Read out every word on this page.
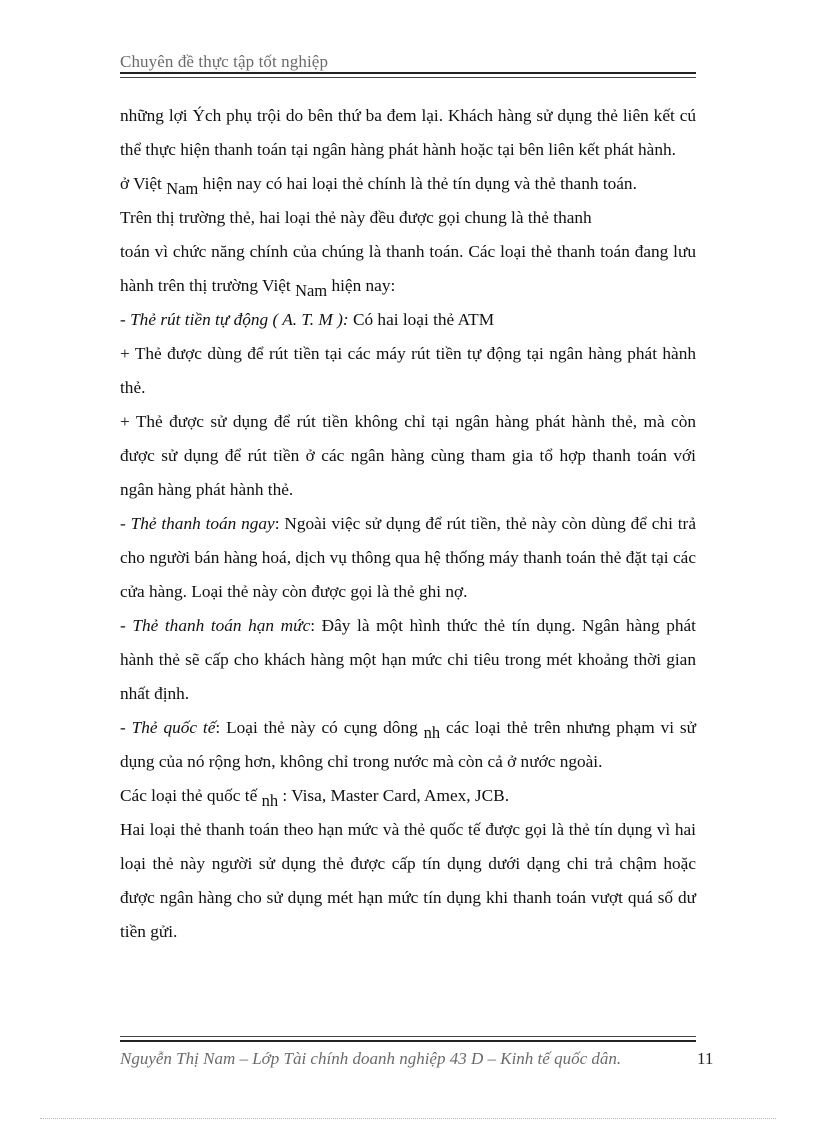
Chuyên đề thực tập tốt nghiệp

những lợi Ých phụ trội do bên thứ ba đem lại. Khách hàng sử dụng thẻ liên kết cú thể thực hiện thanh toán tại ngân hàng phát hành hoặc tại bên liên kết phát hành.

ở Việt Nam hiện nay có hai loại thẻ chính là thẻ tín dụng và thẻ thanh toán.

Trên thị trường thẻ, hai loại thẻ này đều được gọi chung là thẻ thanh

toán vì chức năng chính của chúng là thanh toán. Các loại thẻ thanh toán đang lưu hành trên thị trường Việt Nam hiện nay:

- Thẻ rút tiền tự động ( A. T. M ): Có hai loại thẻ ATM

+ Thẻ được dùng để rút tiền tại các máy rút tiền tự động tại ngân hàng phát hành thẻ.

+ Thẻ được sử dụng để rút tiền không chỉ tại ngân hàng phát hành thẻ, mà còn được sử dụng để rút tiền ở các ngân hàng cùng tham gia tổ hợp thanh toán với ngân hàng phát hành thẻ.

- Thẻ thanh toán ngay: Ngoài việc sử dụng để rút tiền, thẻ này còn dùng để chi trả cho người bán hàng hoá, dịch vụ thông qua hệ thống máy thanh toán thẻ đặt tại các cửa hàng. Loại thẻ này còn được gọi là thẻ ghi nợ.

- Thẻ thanh toán hạn mức: Đây là một hình thức thẻ tín dụng. Ngân hàng phát hành thẻ sẽ cấp cho khách hàng một hạn mức chi tiêu trong mét khoảng thời gian nhất định.

- Thẻ quốc tế: Loại thẻ này có cụng dông nh các loại thẻ trên nhưng phạm vi sử dụng của nó rộng hơn, không chỉ trong nước mà còn cả ở nước ngoài.

Các loại thẻ quốc tế nh : Visa, Master Card, Amex, JCB.

Hai loại thẻ thanh toán theo hạn mức và thẻ quốc tế được gọi là thẻ tín dụng vì hai loại thẻ này người sử dụng thẻ được cấp tín dụng dưới dạng chi trả chậm hoặc được ngân hàng cho sử dụng mét hạn mức tín dụng khi thanh toán vượt quá số dư tiền gửi.

Nguyễn Thị Nam – Lớp Tài chính doanh nghiệp 43 D – Kinh tế quốc dân.	11
